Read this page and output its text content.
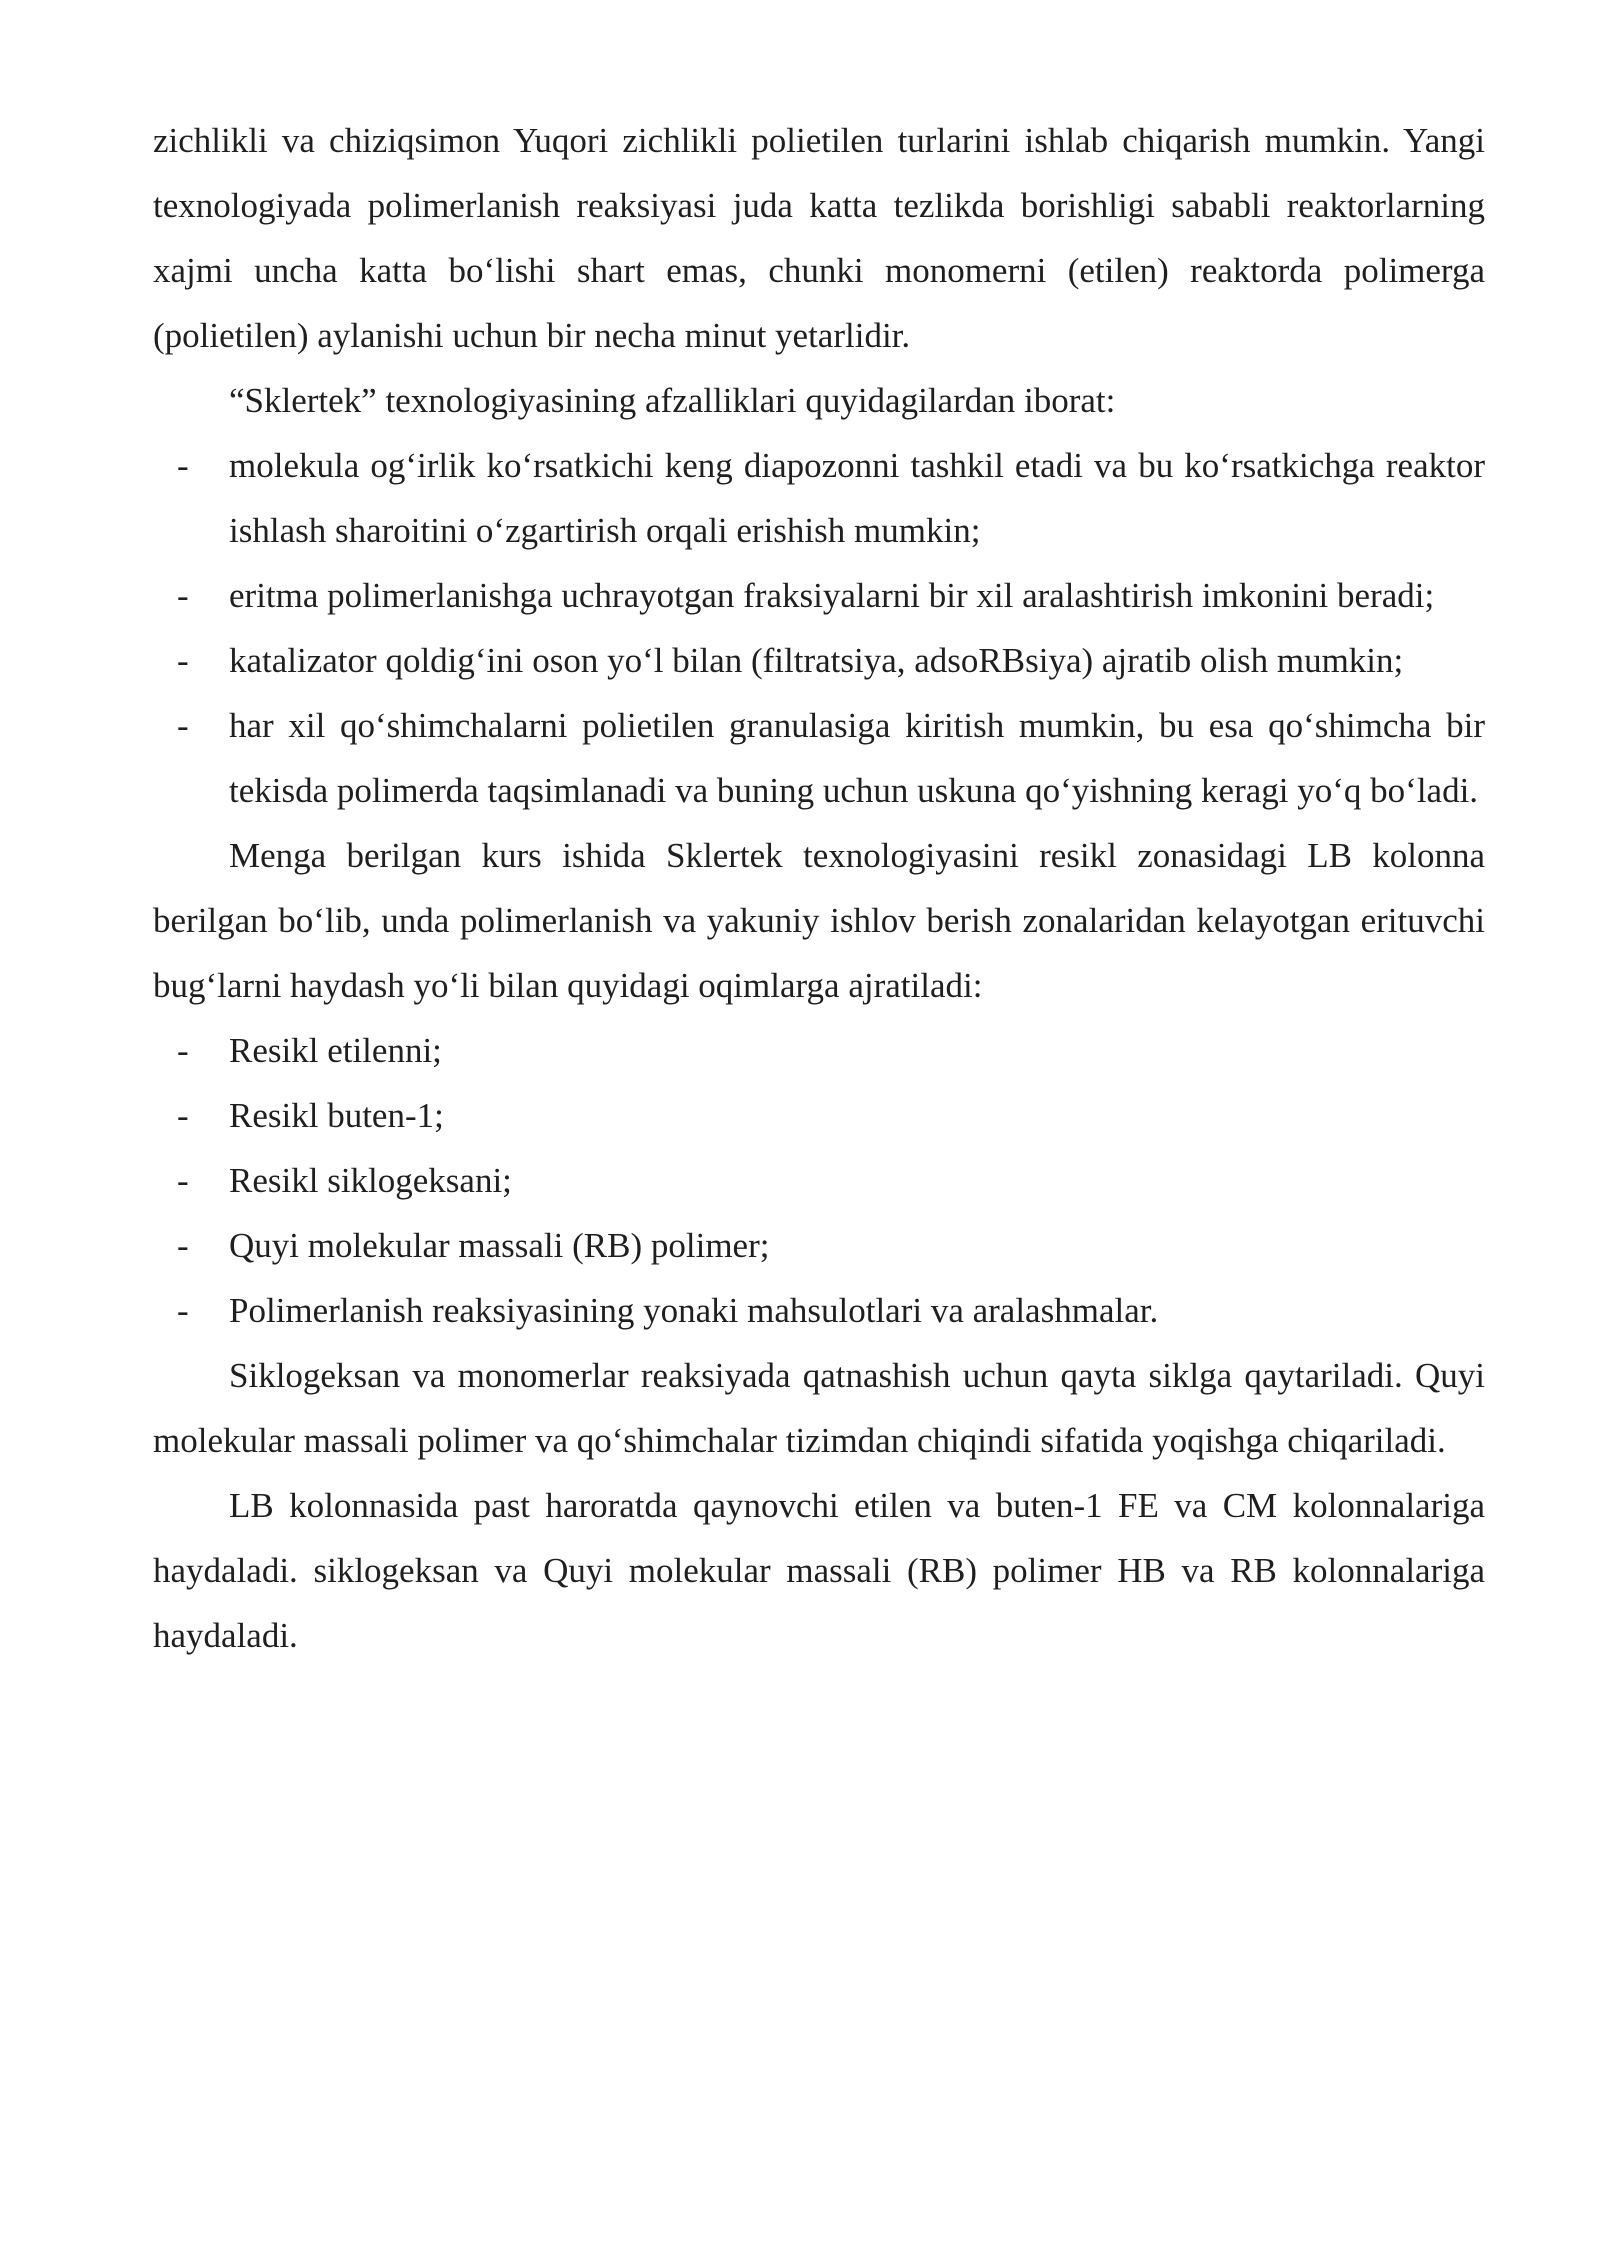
zichlikli va chiziqsimon Yuqori zichlikli polietilen turlarini ishlab chiqarish mumkin. Yangi texnologiyada polimerlanish reaksiyasi juda katta tezlikda borishligi sababli reaktorlarning xajmi uncha katta bo‘lishi shart emas, chunki monomerni (etilen) reaktorda polimerga (polietilen) aylanishi uchun bir necha minut yetarlidir.

“Sklertek” texnologiyasining afzalliklari quyidagilardan iborat:

- molekula og‘irlik ko‘rsatkichi keng diapozonni tashkil etadi va bu ko‘rsatkichga reaktor ishlash sharoitini o‘zgartirish orqali erishish mumkin;
- eritma polimerlanishga uchrayotgan fraksiyalarni bir xil aralashtirish imkonini beradi;
- katalizator qoldig‘ini oson yo‘l bilan (filtratsiya, adsoRBsiya) ajratib olish mumkin;
- har xil qo‘shimchalarni polietilen granulasiga kiritish mumkin, bu esa qo‘shimcha bir tekisda polimerda taqsimlanadi va buning uchun uskuna qo‘yishning keragi yo‘q bo‘ladi.

Menga berilgan kurs ishida Sklertek texnologiyasini resikl zonasidagi LB kolonna berilgan bo‘lib, unda polimerlanish va yakuniy ishlov berish zonalaridan kelayotgan erituvchi bug‘larni haydash yo‘li bilan quyidagi oqimlarga ajratiladi:

- Resikl etilenni;
- Resikl buten-1;
- Resikl siklogeksani;
- Quyi molekular massali (RB) polimer;
- Polimerlanish reaksiyasining yonaki mahsulotlari va aralashmalar.

Siklogeksan va monomerlar reaksiyada qatnashish uchun qayta siklga qaytariladi. Quyi molekular massali polimer va qo‘shimchalar tizimdan chiqindi sifatida yoqishga chiqariladi.

LB kolonnasida past haroratda qaynovchi etilen va buten-1 FE va CM kolonnalariga haydaladi. siklogeksan va Quyi molekular massali (RB) polimer HB va RB kolonnalariga haydaladi.
